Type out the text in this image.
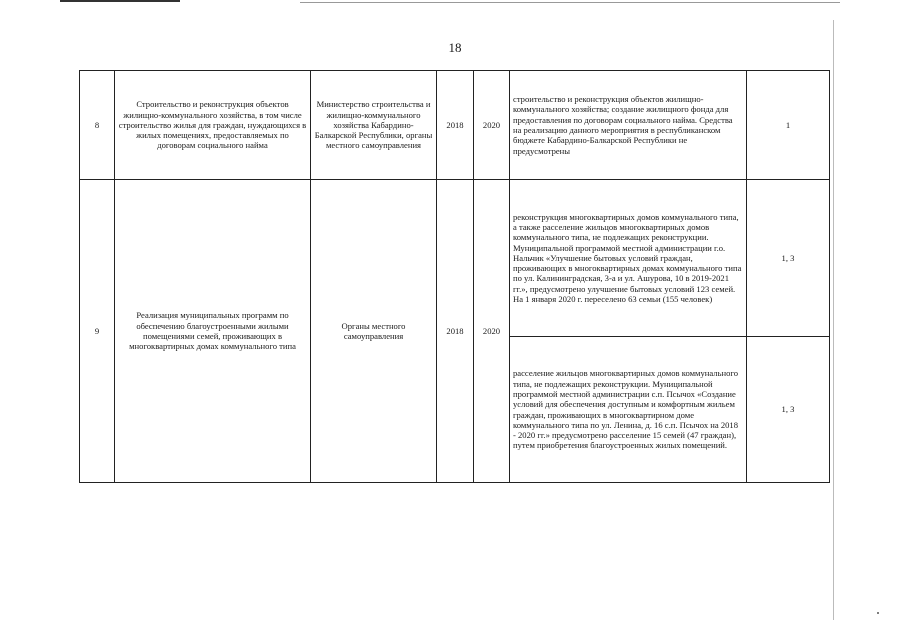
18
8	Строительство и реконструкция объектов жилищно-коммунального хозяйства, в том числе строительство жилья для граждан, нуждающихся в жилых помещениях, предоставляемых по договорам социального найма	Министерство строительства и жилищно-коммунального хозяйства Кабардино-Балкарской Республики, органы местного самоуправления	2018	2020	строительство и реконструкция объектов жилищно-коммунального хозяйства; создание жилищного фонда для предоставления по договорам социального найма. Средства на реализацию данного мероприятия в республиканском бюджете Кабардино-Балкарской Республики не предусмотрены	1
9	Реализация муниципальных программ по обеспечению благоустроенными жилыми помещениями семей, проживающих в многоквартирных домах коммунального типа	Органы местного самоуправления	2018	2020	реконструкция многоквартирных домов коммунального типа, а также расселение жильцов многоквартирных домов коммунального типа, не подлежащих реконструкции. Муниципальной программой местной администрации г.о. Нальчик «Улучшение бытовых условий граждан, проживающих в многоквартирных домах коммунального типа по ул. Калининградская, 3-а и ул. Ашурова, 10 в 2019-2021 гг.», предусмотрено улучшение бытовых условий 123 семей. На 1 января 2020 г. переселено 63 семьи (155 человек)	1, 3
					расселение жильцов многоквартирных домов коммунального типа, не подлежащих реконструкции. Муниципальной программой местной администрации с.п. Псычох «Создание условий для обеспечения доступным и комфортным жильем граждан, проживающих в многоквартирном доме коммунального типа по ул. Ленина, д. 16 с.п. Псычох на 2018 - 2020 гг.» предусмотрено расселение 15 семей (47 граждан), путем приобретения благоустроенных жилых помещений.	1, 3
